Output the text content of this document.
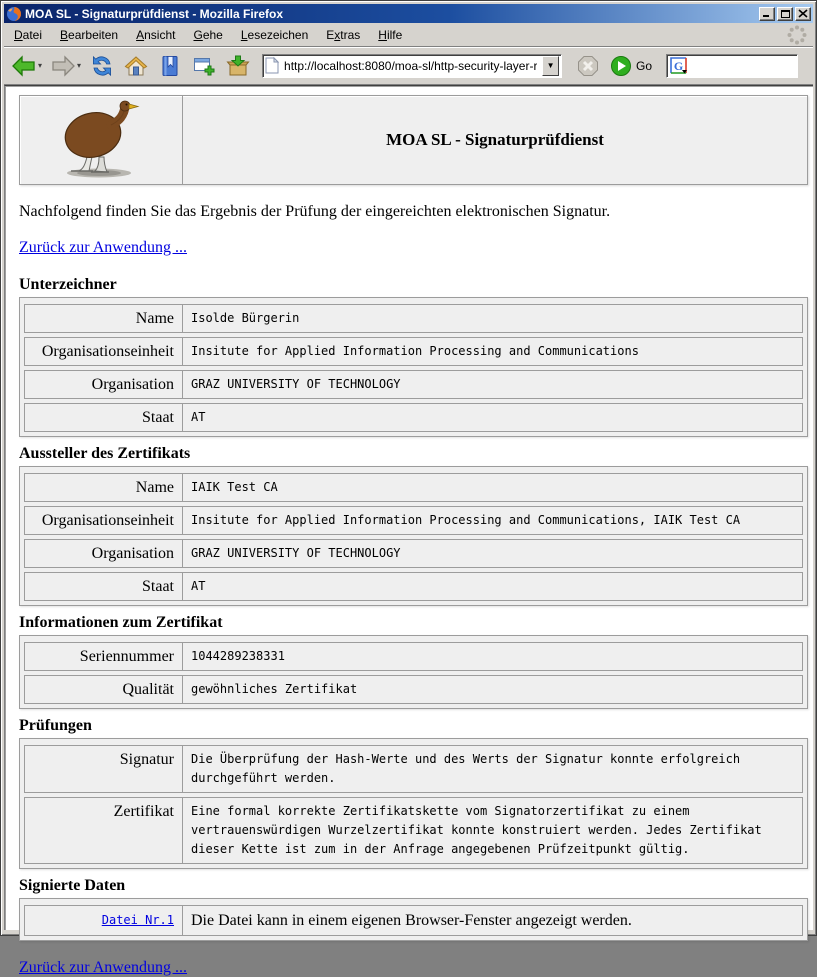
MOA SL - Signaturprüfdienst - Mozilla Firefox
Datei	Bearbeiten	Ansicht	Gehe	Lesezeichen	Extras	Hilfe
▾	▾
http://localhost:8080/moa-sl/http-security-layer-requ	▼	Go G
MOA SL - Signaturprüfdienst

Nachfolgend finden Sie das Ergebnis der Prüfung der eingereichten elektronischen Signatur.

Zurück zur Anwendung ...

Unterzeichner
Name	Isolde Bürgerin
Organisationseinheit	Insitute for Applied Information Processing and Communications
Organisation	GRAZ UNIVERSITY OF TECHNOLOGY
Staat	AT
Aussteller des Zertifikats
Name	IAIK Test CA
Organisationseinheit	Insitute for Applied Information Processing and Communications, IAIK Test CA
Organisation	GRAZ UNIVERSITY OF TECHNOLOGY
Staat	AT
Informationen zum Zertifikat
Seriennummer	1044289238331
Qualität	gewöhnliches Zertifikat
Prüfungen
Signatur	Die Überprüfung der Hash-Werte und des Werts der Signatur konnte erfolgreich durchgeführt werden.
Zertifikat	Eine formal korrekte Zertifikatskette vom Signatorzertifikat zu einem vertrauenswürdigen Wurzelzertifikat konnte konstruiert werden. Jedes Zertifikat dieser Kette ist zum in der Anfrage angegebenen Prüfzeitpunkt gültig.
Signierte Daten
Datei Nr.1	Die Datei kann in einem eigenen Browser-Fenster angezeigt werden.

Zurück zur Anwendung ...
